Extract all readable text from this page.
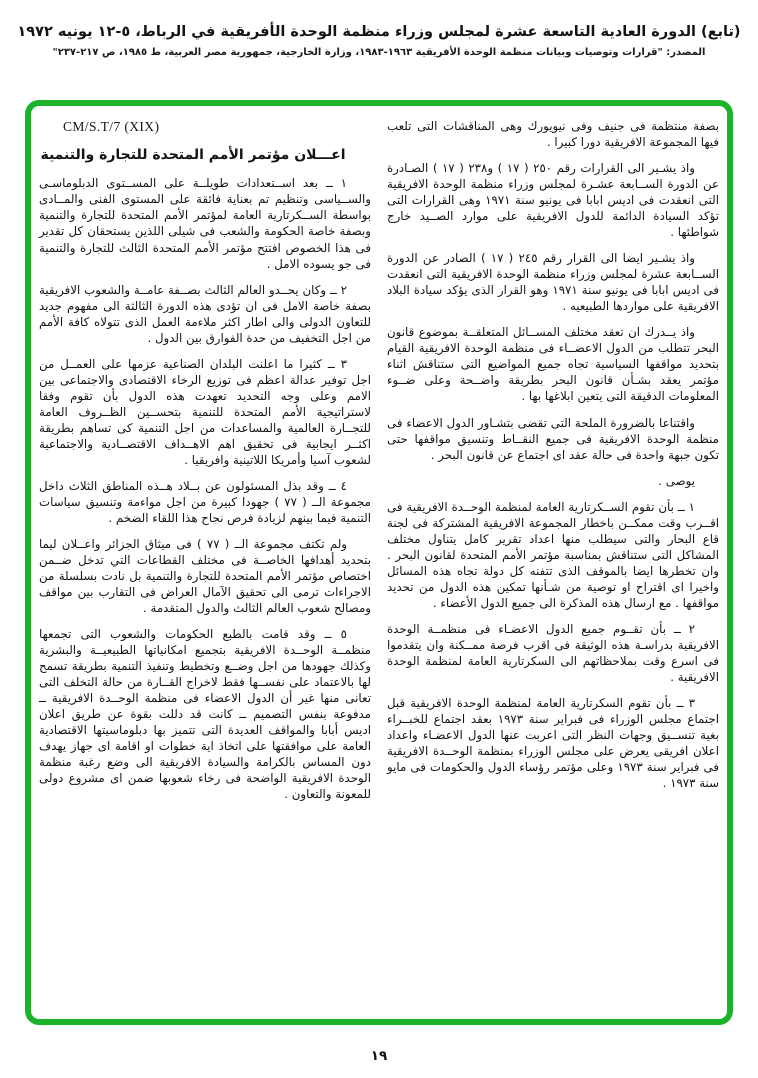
(تابع) الدورة العادية التاسعة عشرة لمجلس وزراء منظمة الوحدة الأفريقية في الرباط، ٥-١٢ يونيه ١٩٧٢
المصدر: "قرارات وتوصيات وبيانات منظمة الوحدة الأفريقية ١٩٦٣-١٩٨٣، وزارة الخارجية، جمهورية مصر العربية، ط ١٩٨٥، ص ٢١٧-٢٣٧"

بصفة منتظمة فى جنيف وفى نيويورك وهى المناقشات التى تلعب فيها المجموعة الافريقية دورا كبيرا .

واذ يشـير الى القرارات رقم ٢٥٠ ( ١٧ ) و٢٣٨ ( ١٧ ) الصـادرة عن الدورة الســابعة عشـرة لمجلس وزراء منظمة الوحدة الافريقية التى انعقدت فى اديس ابابا فى يونيو سنة ١٩٧١ وهى القرارات التى تؤكد السيادة الدائمة للدول الافريقية على موارد الصــيد خارج شواطئها .

واذ يشـير ايضا الى القرار رقم ٢٤٥ ( ١٧ ) الصادر عن الدورة الســابعة عشرة لمجلس وزراء منظمة الوحدة الافريقية التى انعقدت فى اديس ابابا فى يونيو سنة ١٩٧١ وهو القرار الذى يؤكد سيادة البلاد الافريقية على مواردها الطبيعيه .

واذ يــدرك ان تعقد مختلف المســائل المتعلقــة بموضوع قانون البحر تتطلب من الدول الاعضــاء فى منظمة الوحدة الافريقية القيام بتحديد مواقفها السياسية تجاه جميع المواضيع التى ستناقش اثناء مؤتمر يعقد بشـأن قانون البحر بطريقة واضــحة وعلى ضــوء المعلومات الدقيقة التى يتعين ابلاغها بها .

واقتناعا بالضرورة الملحة التى تقضى بتشـاور الدول الاعضاء فى منظمة الوحدة الافريقية فى جميع النقــاط وتنسيق مواقفها حتى تكون جبهة واحدة فى حالة عقد اى اجتماع عن قانون البحر .

يوصى .

١ ــ بأن تقوم الســكرتارية العامة لمنظمة الوحــدة الافريقية فى اقــرب وقت ممكــن باخطار المجموعة الافريقية المشتركة فى لجنة قاع البحار والتى سيطلب منها اعداد تقرير كامل يتناول مختلف المشاكل التى ستناقش بمناسبة مؤتمر الأمم المتحدة لقانون البحر . وان تخطرها ايضا بالموقف الذى تتفنه كل دولة تجاه هذه المسائل واخيرا اى اقتراح او توصية من شـأنها تمكين هذه الدول من تحديد مواقفها . مع ارسال هذه المذكرة الى جميع الدول الأعضاء .

٢ ــ بأن تقــوم جميع الدول الاعضـاء فى منظمــة الوحدة الافريقية بدراسـة هذه الوثيقة فى اقرب فرصة ممــكنة وان يتقدموا فى اسرع وقت بملاحظاتهم الى السكرتارية العامة لمنظمة الوحدة الافريقية .

٣ ــ بأن تقوم السكرتارية العامة لمنظمة الوحدة الافريقية قبل اجتماع مجلس الوزراء فى فبراير سنة ١٩٧٣ بعقد اجتماع للخبــراء بغية تنســيق وجهات النظر التى اعربت عنها الدول الاعضـاء واعداد اعلان افريقى يعرض على مجلس الوزراء بمنظمة الوحــدة الافريقية فى فبراير سنة ١٩٧٣ وعلى مؤتمر رؤساء الدول والحكومات فى مايو سنة ١٩٧٣ .

CM/S.T/7 (XIX)

اعـــلان مؤتمر الأمم المتحدة للتجارة والتنمية

١ ــ بعد اســتعدادات طويلــة على المســتوى الدبلوماسـى والســياسى وتنظيم تم بعناية فائقة على المستوى الفنى والمــادى بواسطة الســكرتارية العامة لمؤتمر الأمم المتحدة للتجارة والتنمية وبصفة خاصة الحكومة والشعب فى شيلى اللذين يستحقان كل تقدير فى هذا الخصوص افتتح مؤتمر الأمم المتحدة الثالث للتجارة والتنمية فى جو يسوده الامل .

٢ ــ وكان يحــدو العالم الثالث بصــفة عامــة والشعوب الافريقية بصفة خاصة الامل فى ان تؤدى هذه الدورة الثالثة الى مفهوم جديد للتعاون الدولى والى اطار اكثر ملاءمة العمل الذى تتولاه كافة الأمم من اجل التخفيف من حدة الفوارق بين الدول .

٣ ــ كثيرا ما اعلنت البلدان الصناعية عزمها على العمــل من اجل توفير عدالة اعظم فى توزيع الرخاء الاقتصادى والاجتماعى بين الامم وعلى وجه التحديد تعهدت هذه الدول بأن تقوم وفقا لاستراتيجية الأمم المتحدة للتنمية بتحســين الظــروف العامة للتجــارة العالمية والمساعدات من اجل التنمية كى تساهم بطريقة اكثــر ايجابية فى تحقيق اهم الاهــداف الاقتصــادية والاجتماعية لشعوب آسيا وأمريكا اللاتينية وافريقيا .

٤ ــ وقد بذل المسئولون عن بــلاد هــذه المناطق الثلاث داخل مجموعة الــ ( ٧٧ ) جهودا كبيرة من اجل مواءمة وتنسيق سياسات التنمية فيما بينهم لزيادة فرص نجاح هذا اللقاء الضخم .

ولم تكتف مجموعة الــ ( ٧٧ ) فى ميثاق الجزائر واعــلان ليما بتحديد أهدافها الخاصــة فى مختلف القطاعات التي تدخل ضــمن اختصاص مؤتمر الأمم المتحدة للتجارة والتنمية بل نادت بسلسلة من الاجراءات ترمى الى تحقيق الآمال العراض فى التقارب بين مواقف ومصالح شعوب العالم الثالث والدول المتقدمة .

٥ ــ وقد قامت بالطبع الحكومات والشعوب التى تجمعها منظمــة الوحــدة الافريقية بتجميع امكانياتها الطبيعيــة والبشرية وكذلك جهودها من اجل وضــع وتخطيط وتنفيذ التنمية بطريقة تسمح لها بالاعتماد على نفســها فقط لاخراج القــارة من حالة التخلف التى تعانى منها غير أن الدول الاعضاء فى منظمة الوحــدة الافريقية ــ مدفوعة بنفس التصميم ــ كانت قد دللت بقوة عن طريق اعلان اديس أبابا والمواقف العديدة التى تتميز بها دبلوماسيتها الاقتصادية العامة على موافقتها على اتخاذ اية خطوات او اقامة اى جهاز يهدف دون المساس بالكرامة والسيادة الافريقية الى وضع رغبة منظمة الوحدة الافريقية الواضحة فى رخاء شعوبها ضمن اى مشروع دولى للمعونة والتعاون .

١٩
